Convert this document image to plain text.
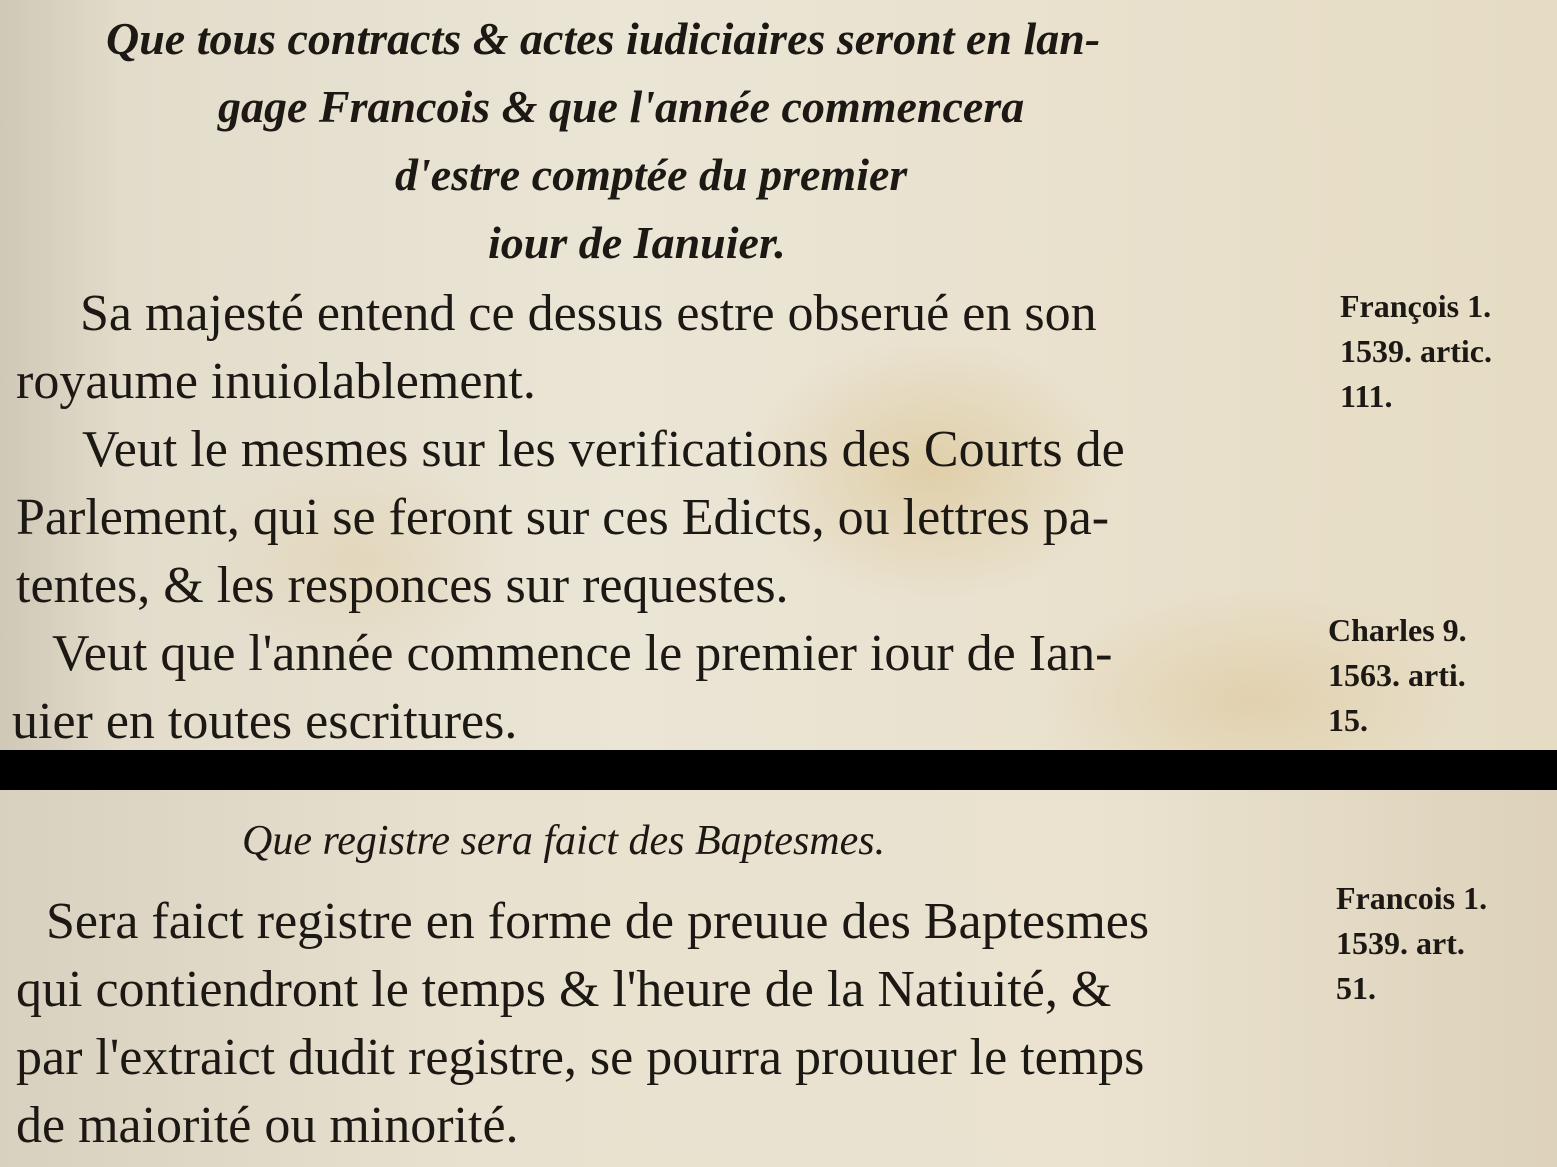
Que tous contracts & actes iudiciaires seront en lan-
gage Francois & que l'année commencera
d'estre comptée du premier
iour de Ianuier.
Sa majesté entend ce dessus estre obserué en son
royaume inuiolablement.
Veut le mesmes sur les verifications des Courts de
Parlement, qui se feront sur ces Edicts, ou lettres pa-
tentes, & les responces sur requestes.
Veut que l'année commence le premier iour de Ian-
uier en toutes escritures.
François 1.
1539. artic.
111.
Charles 9.
1563. arti.
15.
Que registre sera faict des Baptesmes.
Sera faict registre en forme de preuue des Baptesmes
qui contiendront le temps & l'heure de la Natiuité, &
par l'extraict dudit registre, se pourra prouuer le temps
de maiorité ou minorité.
Francois 1.
1539. art.
51.
